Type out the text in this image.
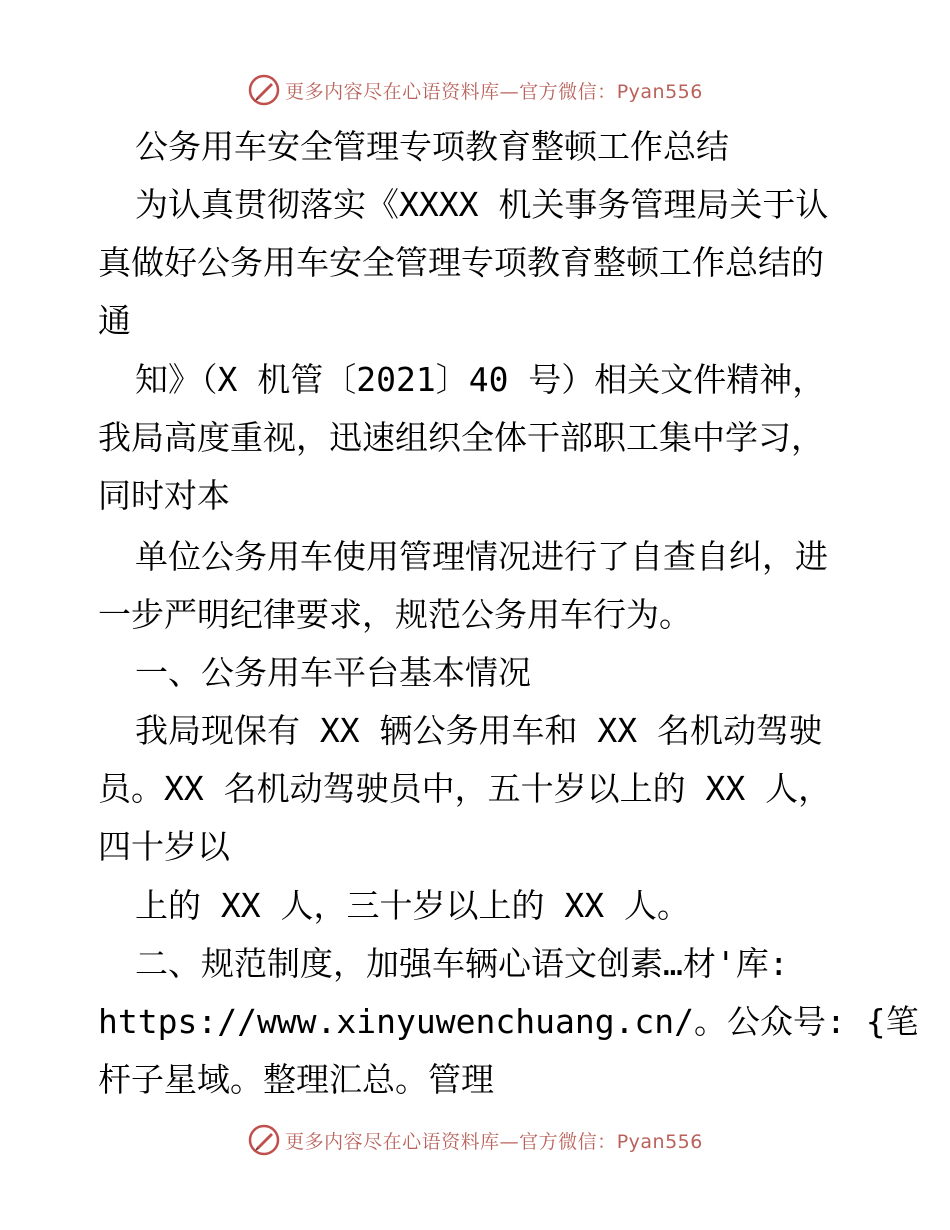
更多内容尽在心语资料库—官方微信：Pyan556
公务用车安全管理专项教育整顿工作总结
为认真贯彻落实《XXXX 机关事务管理局关于认
真做好公务用车安全管理专项教育整顿工作总结的
通
知》（X 机管〔2021〕40 号）相关文件精神，
我局高度重视，迅速组织全体干部职工集中学习，
同时对本
单位公务用车使用管理情况进行了自查自纠，进
一步严明纪律要求，规范公务用车行为。
一、公务用车平台基本情况
我局现保有 XX 辆公务用车和 XX 名机动驾驶
员。XX 名机动驾驶员中，五十岁以上的 XX 人，
四十岁以
上的 XX 人，三十岁以上的 XX 人。
二、规范制度，加强车辆心语文创素…材'库:
https://www.xinyuwenchuang.cn/。公众号: {笔
杆子星域。整理汇总。管理
更多内容尽在心语资料库—官方微信：Pyan556
